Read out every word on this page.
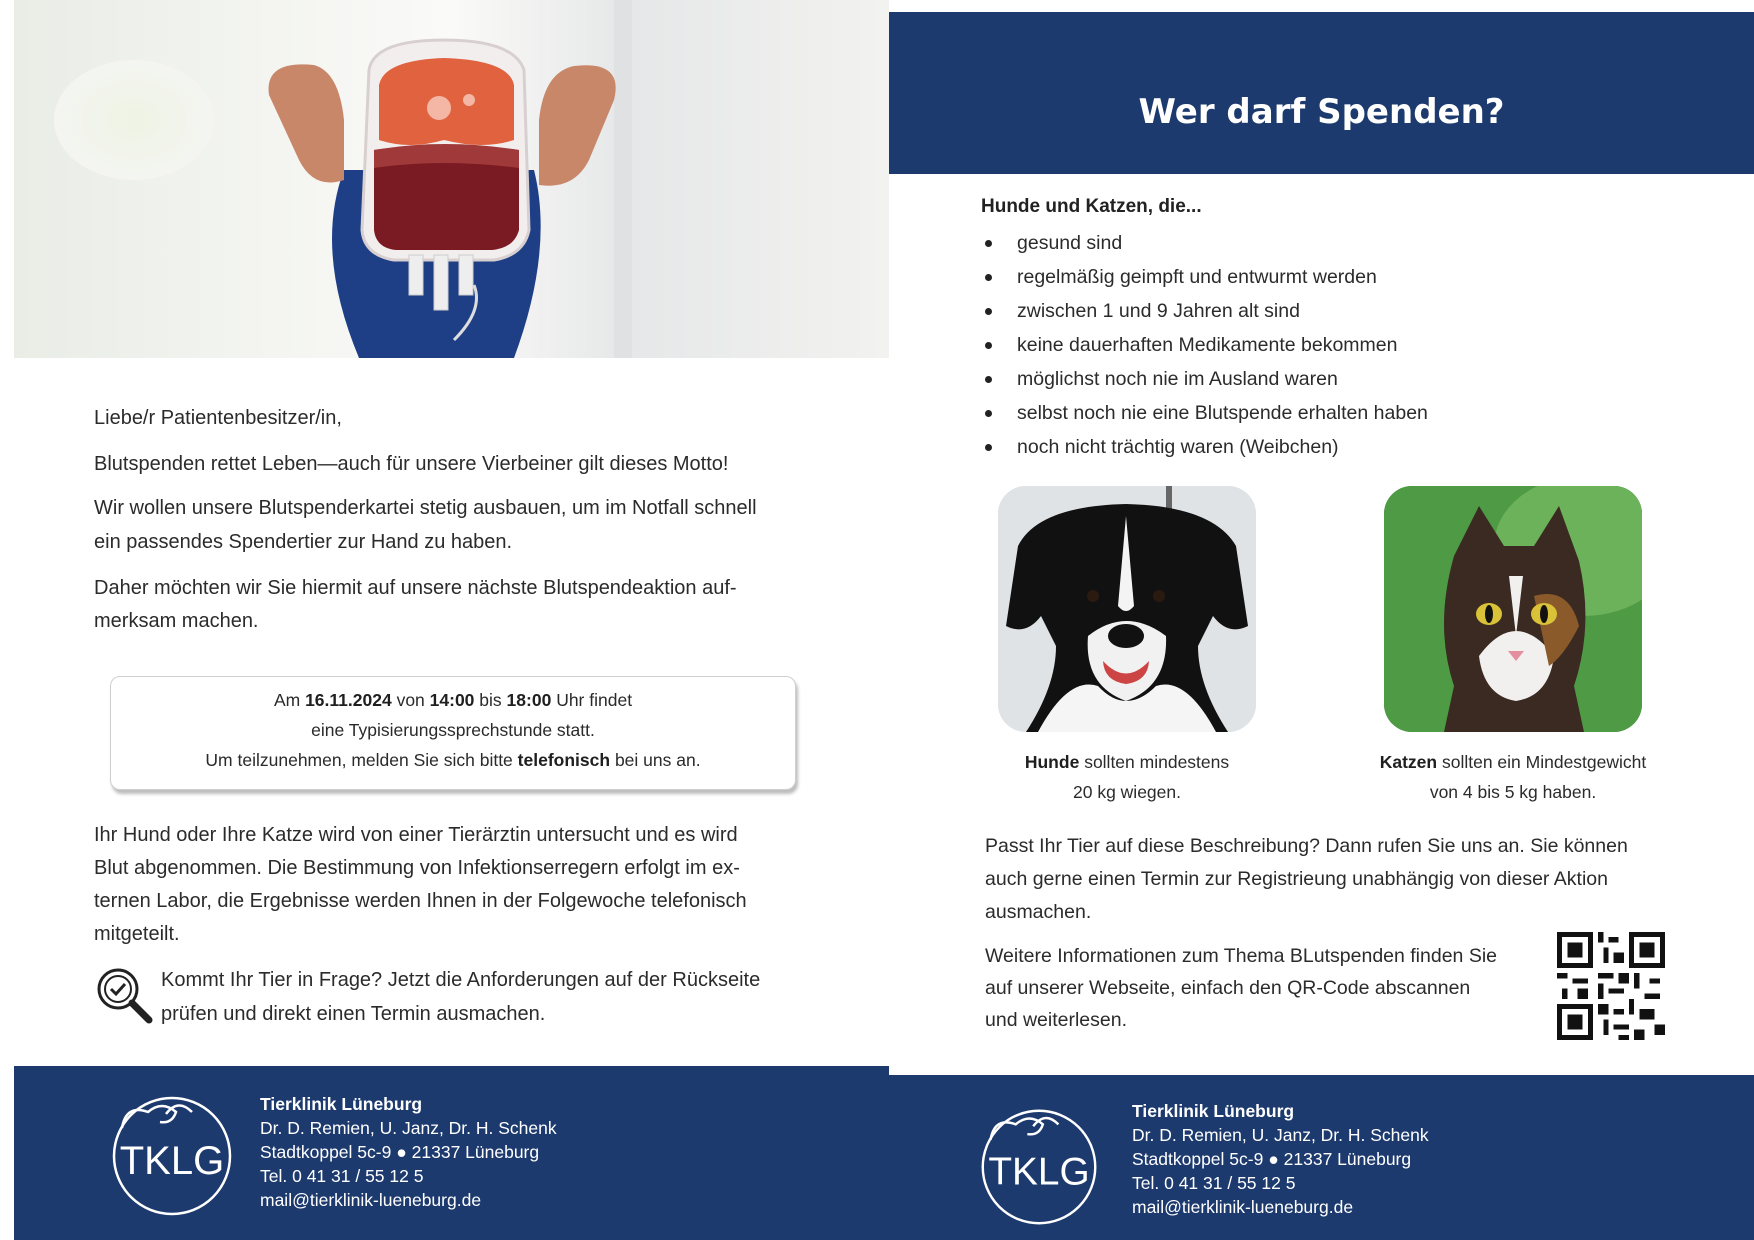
Liebe/r Patientenbesitzer/in,
Blutspenden rettet Leben—auch für unsere Vierbeiner gilt dieses Motto!
Wir wollen unsere Blutspenderkartei stetig ausbauen, um im Notfall schnell
ein passendes Spendertier zur Hand zu haben.
Daher möchten wir Sie hiermit auf unsere nächste Blutspendeaktion auf-
merksam machen.
Am 16.11.2024 von 14:00 bis 18:00 Uhr findet
eine Typisierungssprechstunde statt.
Um teilzunehmen, melden Sie sich bitte telefonisch bei uns an.
Ihr Hund oder Ihre Katze wird von einer Tierärztin untersucht und es wird
Blut abgenommen. Die Bestimmung von Infektionserregern erfolgt im ex-
ternen Labor, die Ergebnisse werden Ihnen in der Folgewoche telefonisch
mitgeteilt.
Kommt Ihr Tier in Frage? Jetzt die Anforderungen auf der Rückseite
prüfen und direkt einen Termin ausmachen.
TKLG
Tierklinik Lüneburg
Dr. D. Remien, U. Janz, Dr. H. Schenk
Stadtkoppel 5c-9 ● 21337 Lüneburg
Tel. 0 41 31 / 55 12 5
mail@tierklinik-lueneburg.de
Wer darf Spenden?
Hunde und Katzen, die...
gesund sind
regelmäßig geimpft und entwurmt werden
zwischen 1 und 9 Jahren alt sind
keine dauerhaften Medikamente bekommen
möglichst noch nie im Ausland waren
selbst noch nie eine Blutspende erhalten haben
noch nicht trächtig waren (Weibchen)
Hunde sollten mindestens
20 kg wiegen.
Katzen sollten ein Mindestgewicht
von 4 bis 5 kg haben.
Passt Ihr Tier auf diese Beschreibung? Dann rufen Sie uns an. Sie können
auch gerne einen Termin zur Registrieung unabhängig von dieser Aktion
ausmachen.
Weitere Informationen zum Thema BLutspenden finden Sie
auf unserer Webseite, einfach den QR-Code abscannen
und weiterlesen.
TKLG
Tierklinik Lüneburg
Dr. D. Remien, U. Janz, Dr. H. Schenk
Stadtkoppel 5c-9 ● 21337 Lüneburg
Tel. 0 41 31 / 55 12 5
mail@tierklinik-lueneburg.de
